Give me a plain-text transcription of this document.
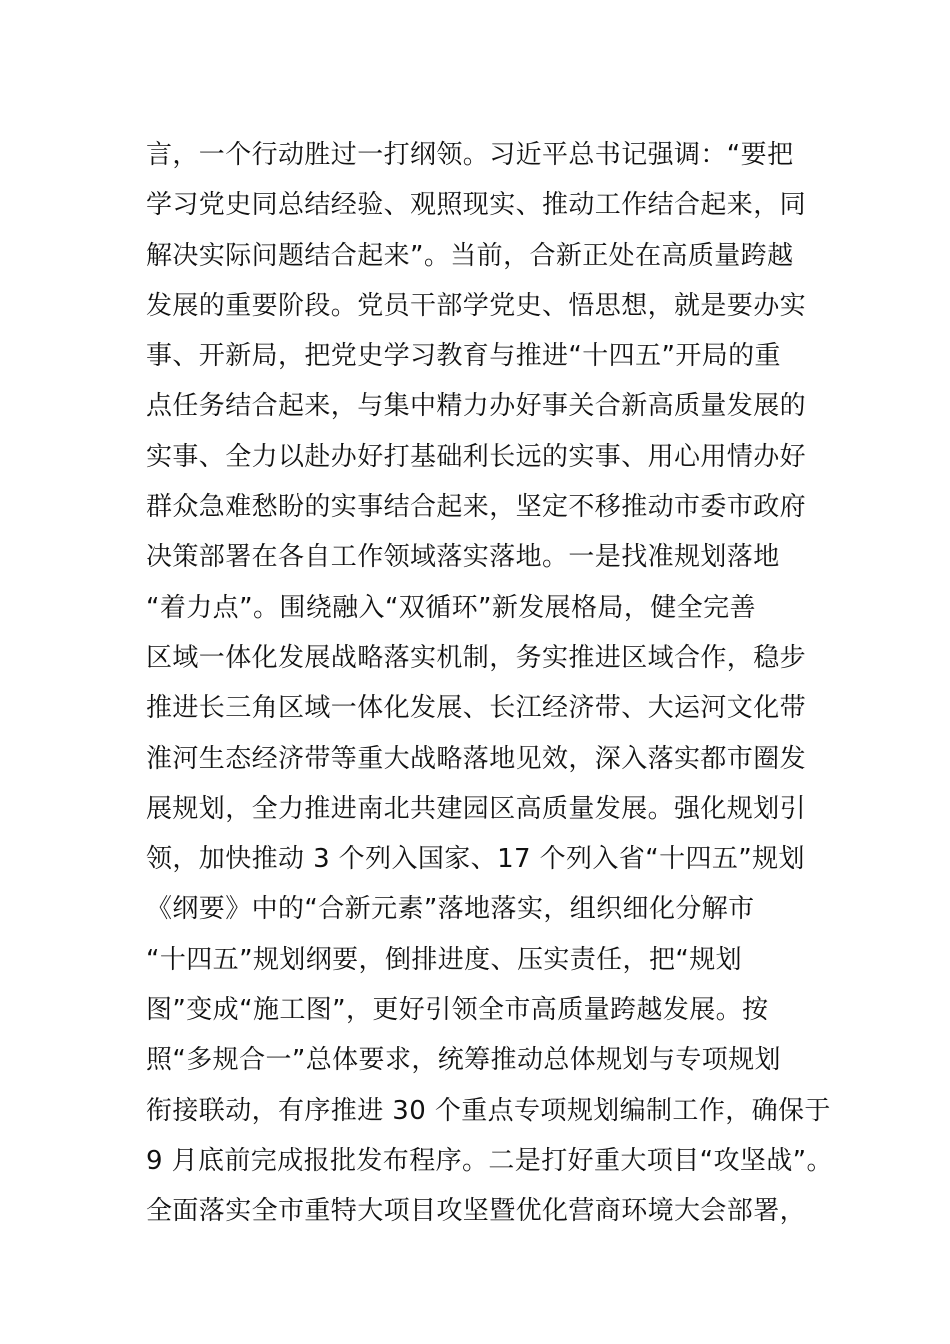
言，一个行动胜过一打纲领。习近平总书记强调：“要把
学习党史同总结经验、观照现实、推动工作结合起来，同
解决实际问题结合起来”。当前，合新正处在高质量跨越
发展的重要阶段。党员干部学党史、悟思想，就是要办实
事、开新局，把党史学习教育与推进“十四五”开局的重
点任务结合起来，与集中精力办好事关合新高质量发展的
实事、全力以赴办好打基础利长远的实事、用心用情办好
群众急难愁盼的实事结合起来，坚定不移推动市委市政府
决策部署在各自工作领域落实落地。一是找准规划落地
“着力点”。围绕融入“双循环”新发展格局，健全完善
区域一体化发展战略落实机制，务实推进区域合作，稳步
推进长三角区域一体化发展、长江经济带、大运河文化带
淮河生态经济带等重大战略落地见效，深入落实都市圈发
展规划，全力推进南北共建园区高质量发展。强化规划引
领，加快推动 3 个列入国家、17 个列入省“十四五”规划
《纲要》中的“合新元素”落地落实，组织细化分解市
“十四五”规划纲要，倒排进度、压实责任，把“规划
图”变成“施工图”，更好引领全市高质量跨越发展。按
照“多规合一”总体要求，统筹推动总体规划与专项规划
衔接联动，有序推进 30 个重点专项规划编制工作，确保于
9 月底前完成报批发布程序。二是打好重大项目“攻坚战”。
全面落实全市重特大项目攻坚暨优化营商环境大会部署，
